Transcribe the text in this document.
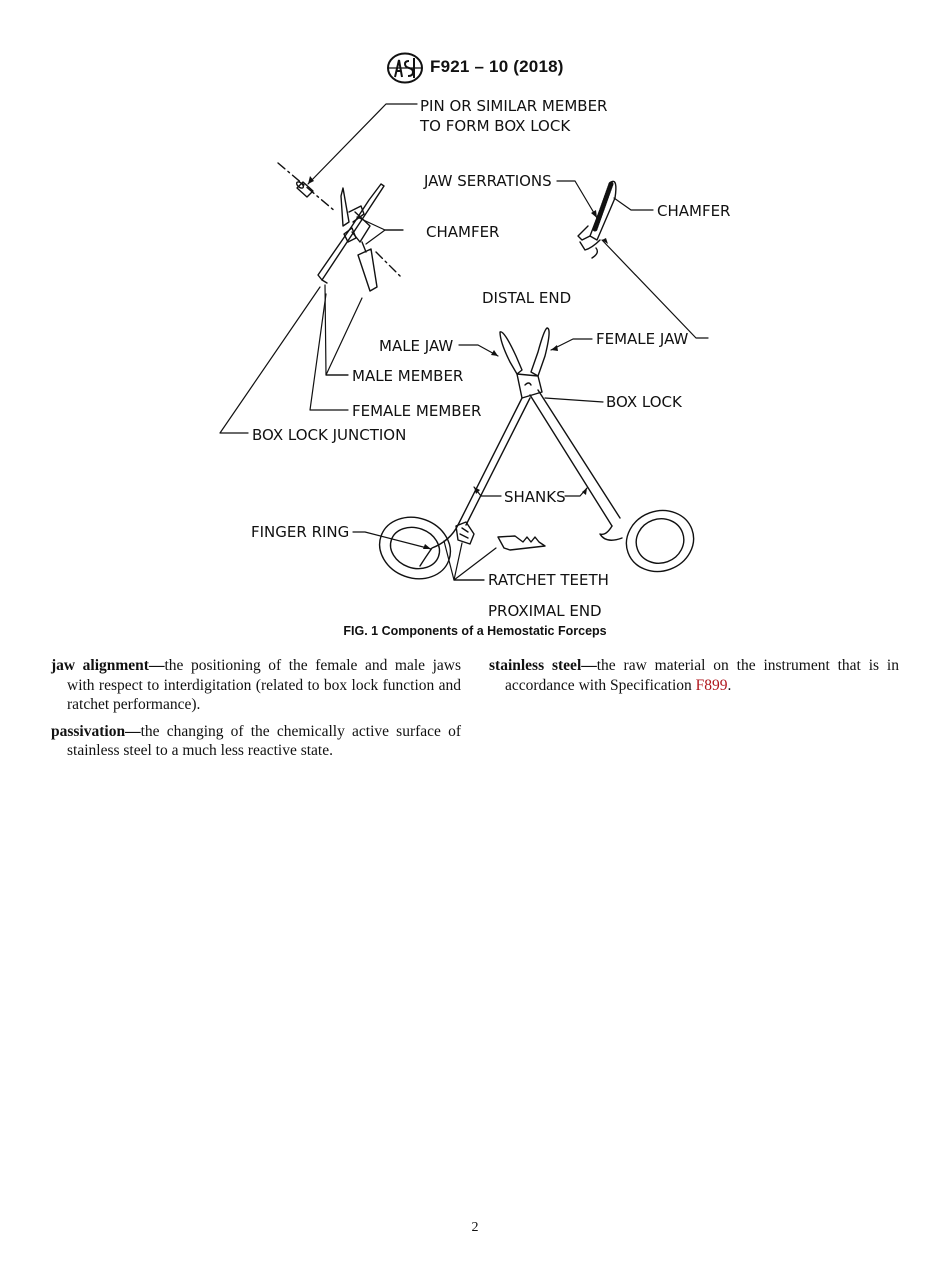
F921 – 10 (2018)
PIN OR SIMILAR MEMBER
TO FORM BOX LOCK
JAW SERRATIONS
CHAMFER
CHAMFER
DISTAL END
MALE JAW	FEMALE JAW
MALE MEMBER
BOX LOCK
FEMALE MEMBER
BOX LOCK JUNCTION
SHANKS
FINGER RING
RATCHET TEETH
PROXIMAL END
FIG. 1 Components of a Hemostatic Forceps

jaw alignment—the positioning of the female and male jaws with respect to interdigitation (related to box lock function and ratchet performance).

passivation—the changing of the chemically active surface of stainless steel to a much less reactive state.

stainless steel—the raw material on the instrument that is in accordance with Specification F899.

2
